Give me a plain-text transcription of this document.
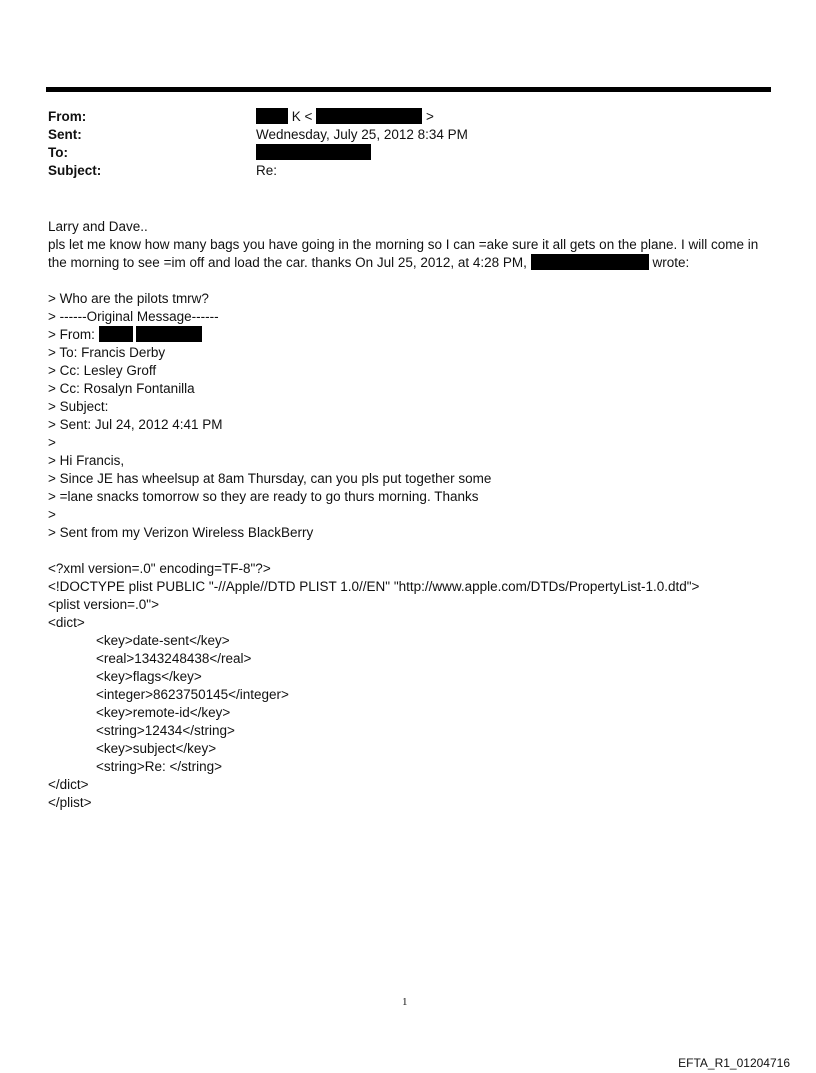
From:	K <	>
Sent:	Wednesday, July 25, 2012 8:34 PM
To:
Subject:	Re:
Larry and Dave..
pls let me know how many bags you have going in the morning so I can =ake sure it all gets on the plane. I will come in
the morning to see =im off and load the car. thanks On Jul 25, 2012, at 4:28 PM,	wrote:
> Who are the pilots tmrw?
> ------Original Message------
> From:
> To: Francis Derby
> Cc: Lesley Groff
> Cc: Rosalyn Fontanilla
> Subject:
> Sent: Jul 24, 2012 4:41 PM
>
> Hi Francis,
> Since JE has wheelsup at 8am Thursday, can you pls put together some
> =lane snacks tomorrow so they are ready to go thurs morning. Thanks
>
> Sent from my Verizon Wireless BlackBerry
<?xml version=.0" encoding=TF-8"?>
<!DOCTYPE plist PUBLIC "-//Apple//DTD PLIST 1.0//EN" "http://www.apple.com/DTDs/PropertyList-1.0.dtd">
<plist version=.0">
<dict>
<key>date-sent</key>
<real>1343248438</real>
<key>flags</key>
<integer>8623750145</integer>
<key>remote-id</key>
<string>12434</string>
<key>subject</key>
<string>Re: </string>
</dict>
</plist>
1
EFTA_R1_01204716
